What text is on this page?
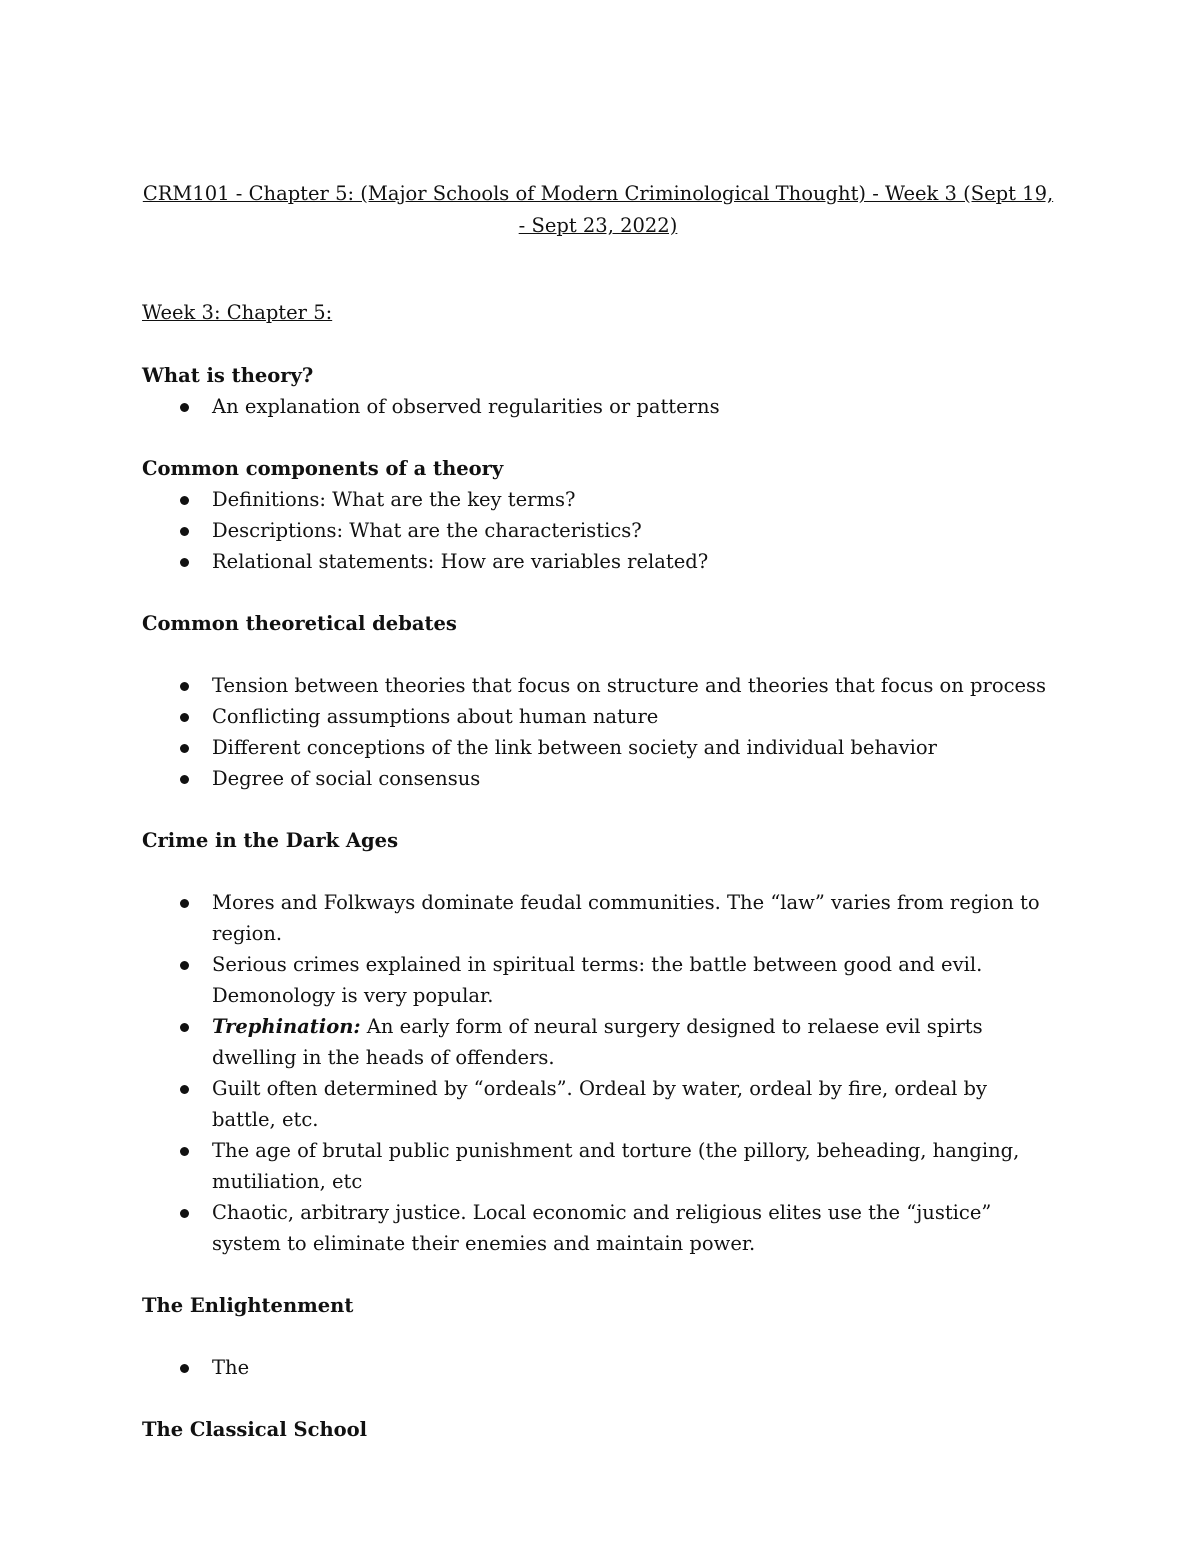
CRM101 - Chapter 5: (Major Schools of Modern Criminological Thought) - Week 3 (Sept 19, - Sept 23, 2022)

Week 3: Chapter 5:

What is theory?
An explanation of observed regularities or patterns
Common components of a theory
Definitions: What are the key terms?
Descriptions: What are the characteristics?
Relational statements: How are variables related?
Common theoretical debates
Tension between theories that focus on structure and theories that focus on process
Conflicting assumptions about human nature
Different conceptions of the link between society and individual behavior
Degree of social consensus
Crime in the Dark Ages
Mores and Folkways dominate feudal communities. The “law” varies from region to region.
Serious crimes explained in spiritual terms: the battle between good and evil. Demonology is very popular.
Trephination: An early form of neural surgery designed to relaese evil spirts dwelling in the heads of offenders.
Guilt often determined by “ordeals”. Ordeal by water, ordeal by fire, ordeal by battle, etc.
The age of brutal public punishment and torture (the pillory, beheading, hanging, mutiliation, etc
Chaotic, arbitrary justice. Local economic and religious elites use the “justice” system to eliminate their enemies and maintain power.
The Enlightenment
The
The Classical School
